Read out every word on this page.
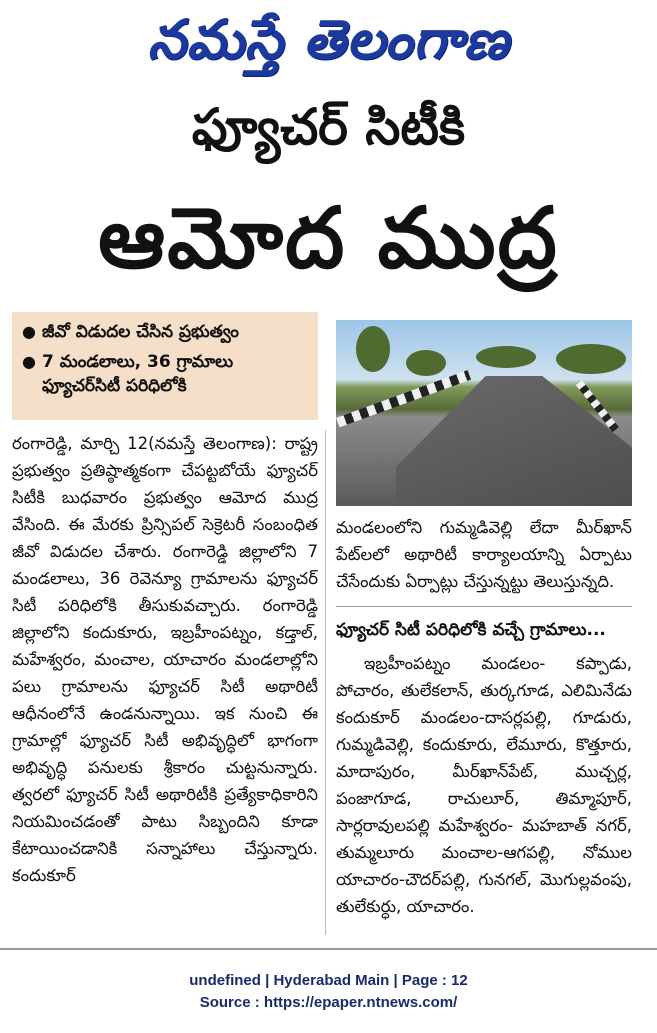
నమస్తే తెలంగాణ
ఫ్యూచర్ సిటీకి
ఆమోద ముద్ర
● జీవో విడుదల చేసిన ప్రభుత్వం
● 7 మండలాలు, 36 గ్రామాలు ఫ్యూచర్‌సిటీ పరిధిలోకి

రంగారెడ్డి, మార్చి 12(నమస్తే తెలంగాణ): రాష్ట్ర ప్రభుత్వం ప్రతిష్ఠాత్మకంగా చేపట్టబోయే ఫ్యూచర్ సిటీకి బుధవారం ప్రభుత్వం ఆమోద ముద్ర వేసింది. ఈ మేరకు ప్రిన్సిపల్ సెక్రెటరీ సంబంధిత జీవో విడుదల చేశారు. రంగారెడ్డి జిల్లాలోని 7 మండలాలు, 36 రెవెన్యూ గ్రామాలను ఫ్యూచర్ సిటీ పరిధిలోకి తీసుకువచ్చారు. రంగారెడ్డి జిల్లాలోని కందుకూరు, ఇబ్రహీంపట్నం, కడ్తాల్, మహేశ్వరం, మంచాల, యాచారం మండలాల్లోని పలు గ్రామాలను ఫ్యూచర్ సిటీ అథారిటీ ఆధీనంలోనే ఉండనున్నాయి. ఇక నుంచి ఈ గ్రామాల్లో ఫ్యూచర్ సిటీ అభివృద్ధిలో భాగంగా అభివృద్ధి పనులకు శ్రీకారం చుట్టనున్నారు. త్వరలో ఫ్యూచర్ సిటీ అథారిటీకి ప్రత్యేకాధికారిని నియమించడంతో పాటు సిబ్బందిని కూడా కేటాయించడానికి సన్నాహాలు చేస్తున్నారు. కందుకూర్

మండలంలోని గుమ్మడివెల్లి లేదా మీర్‌ఖాన్ పేట్‌లలో అథారిటీ కార్యాలయాన్ని ఏర్పాటు చేసేందుకు ఏర్పాట్లు చేస్తున్నట్టు తెలుస్తున్నది.

ఫ్యూచర్ సిటీ పరిధిలోకి వచ్చే గ్రామాలు...

ఇబ్రహీంపట్నం మండలం- కప్పాడు, పోచారం, తులేకలాన్, తుర్కగూడ, ఎలిమినేడు కందుకూర్ మండలం-దాసర్లపల్లి, గూడురు, గుమ్మడివెల్లి, కందుకూరు, లేమూరు, కొత్తూరు, మాదాపురం, మీర్‌ఖాన్‌పేట్, ముచ్చర్ల, పంజాగూడ, రాచులూర్, తిమ్మాపూర్, సార్లరావులపల్లి మహేశ్వరం- మహబాత్ నగర్, తుమ్మలూరు మంచాల-ఆగపల్లి, నోముల యాచారం-చౌదర్‌పల్లి, గునగల్, మొగుల్లవంపు, తులేకుర్ధు, యాచారం.

undefined | Hyderabad Main | Page : 12
Source : https://epaper.ntnews.com/
